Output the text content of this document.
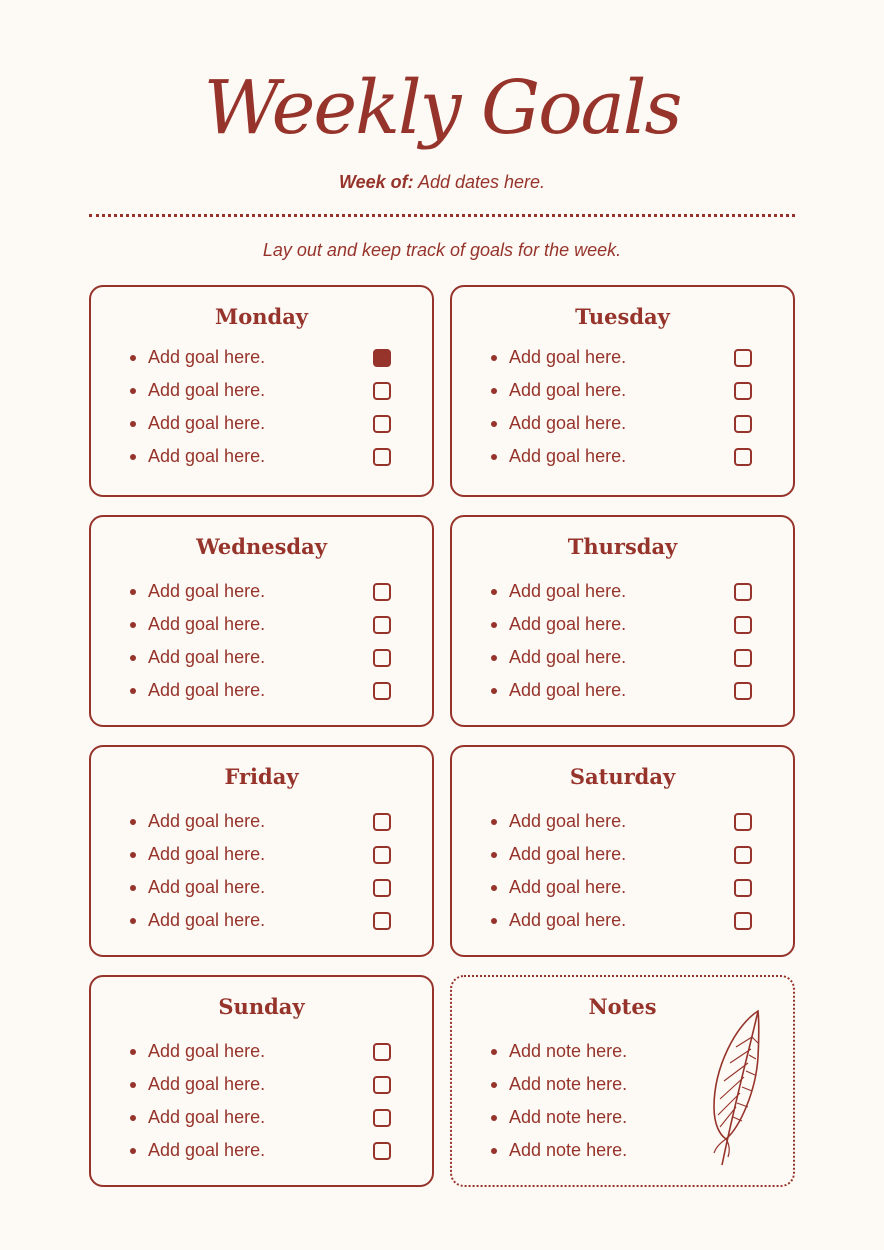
Weekly Goals
Week of: Add dates here.
Lay out and keep track of goals for the week.
Monday
Add goal here.
Add goal here.
Add goal here.
Add goal here.
Tuesday
Add goal here.
Add goal here.
Add goal here.
Add goal here.
Wednesday
Add goal here.
Add goal here.
Add goal here.
Add goal here.
Thursday
Add goal here.
Add goal here.
Add goal here.
Add goal here.
Friday
Add goal here.
Add goal here.
Add goal here.
Add goal here.
Saturday
Add goal here.
Add goal here.
Add goal here.
Add goal here.
Sunday
Add goal here.
Add goal here.
Add goal here.
Add goal here.
Notes
Add note here.
Add note here.
Add note here.
Add note here.
